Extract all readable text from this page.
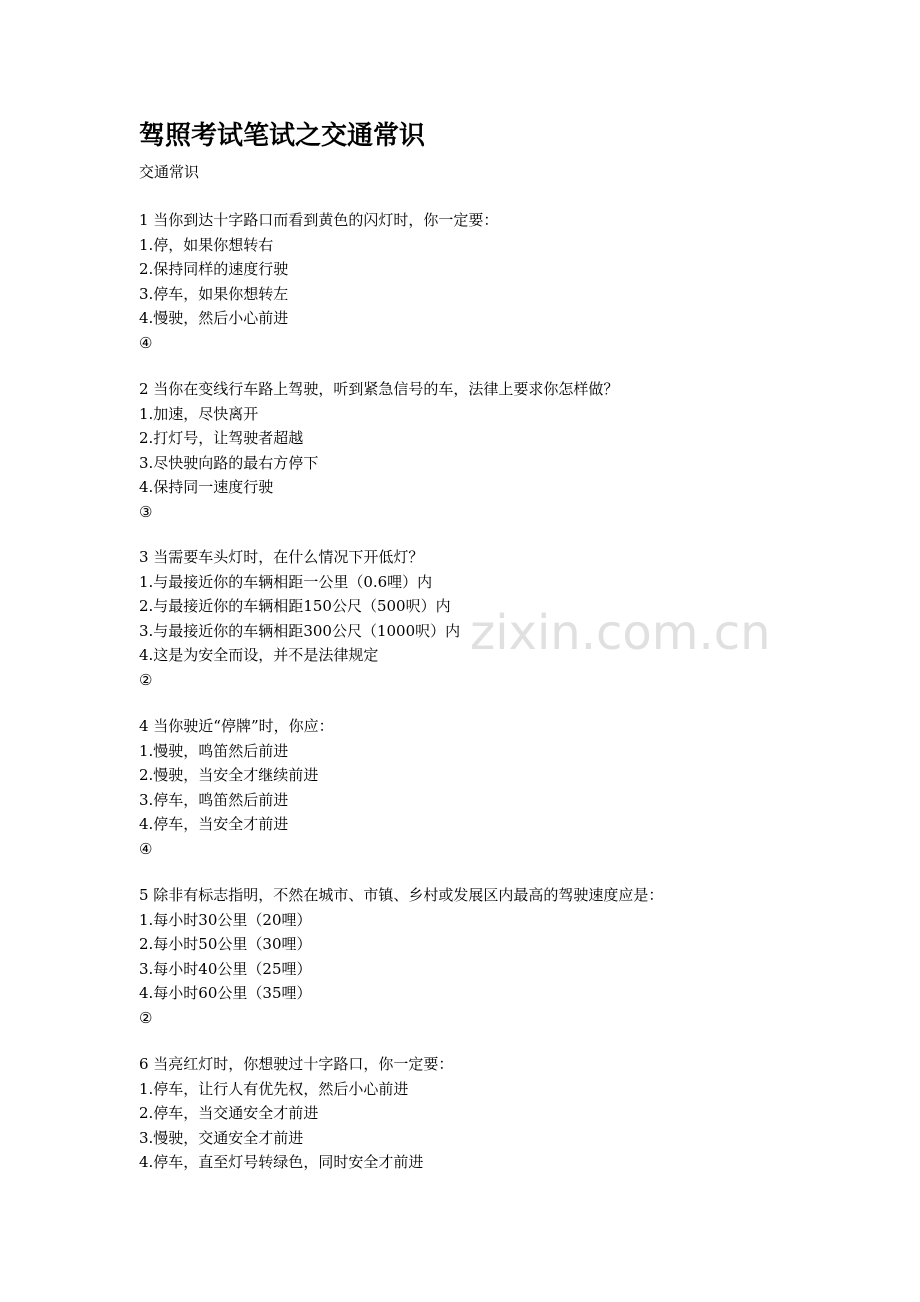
驾照考试笔试之交通常识

交通常识

1 当你到达十字路口而看到黄色的闪灯时，你一定要：
1.停，如果你想转右
2.保持同样的速度行驶
3.停车，如果你想转左
4.慢驶，然后小心前进
④
2 当你在变线行车路上驾驶，听到紧急信号的车，法律上要求你怎样做？
1.加速，尽快离开
2.打灯号，让驾驶者超越
3.尽快驶向路的最右方停下
4.保持同一速度行驶
③
3 当需要车头灯时，在什么情况下开低灯？
1.与最接近你的车辆相距一公里（0.6哩）内
2.与最接近你的车辆相距150公尺（500呎）内
3.与最接近你的车辆相距300公尺（1000呎）内
4.这是为安全而设，并不是法律规定
②
4 当你驶近“停牌”时，你应：
1.慢驶，鸣笛然后前进
2.慢驶，当安全才继续前进
3.停车，鸣笛然后前进
4.停车，当安全才前进
④
5 除非有标志指明，不然在城市、市镇、乡村或发展区内最高的驾驶速度应是：
1.每小时30公里（20哩）
2.每小时50公里（30哩）
3.每小时40公里（25哩）
4.每小时60公里（35哩）
②
6 当亮红灯时，你想驶过十字路口，你一定要：
1.停车，让行人有优先权，然后小心前进
2.停车，当交通安全才前进
3.慢驶，交通安全才前进
4.停车，直至灯号转绿色，同时安全才前进
zixin.com.cn
